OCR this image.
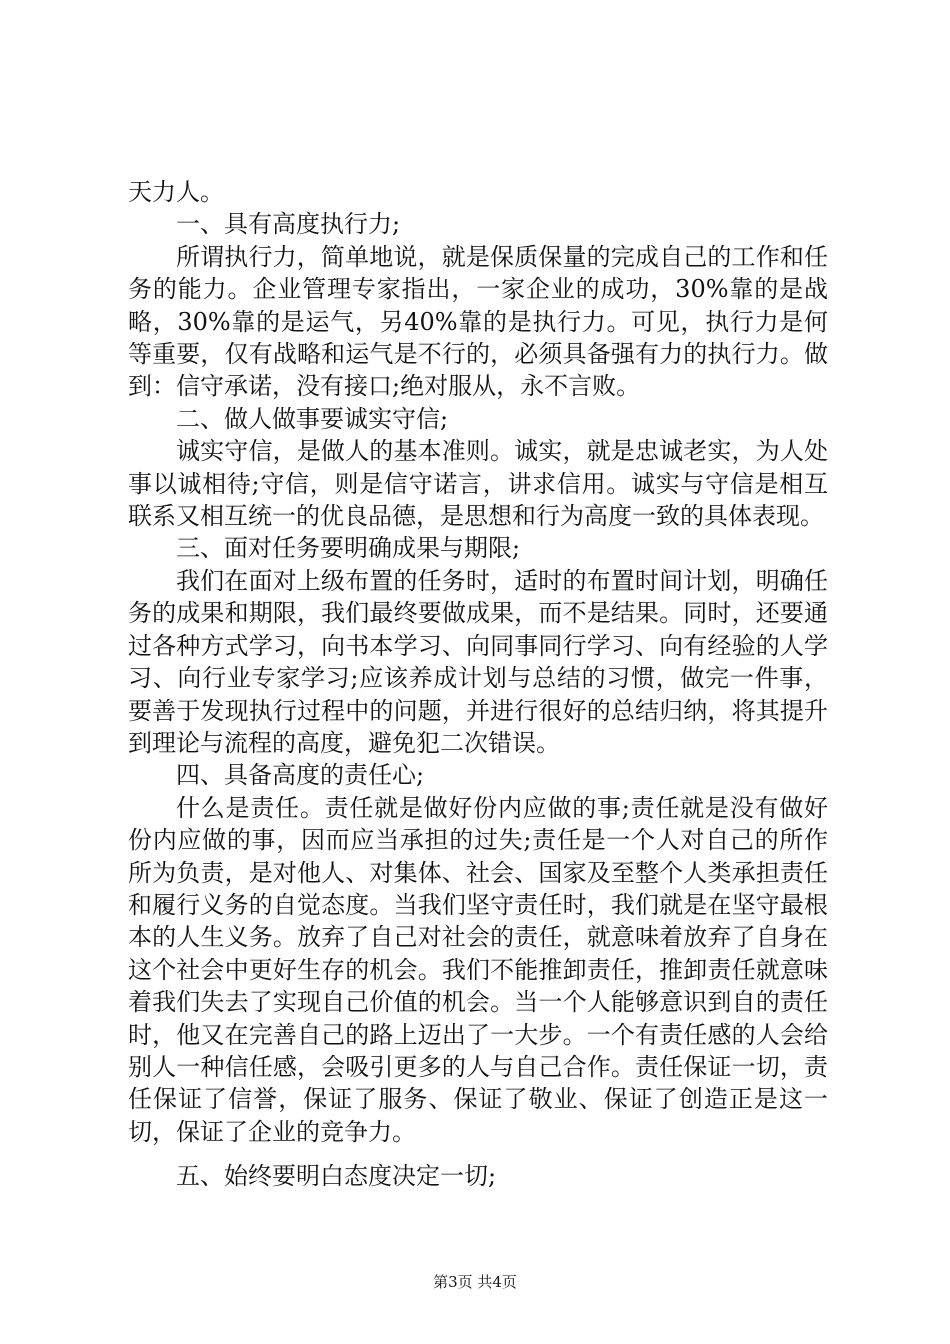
天力人。

一、具有高度执行力;

所谓执行力，简单地说，就是保质保量的完成自己的工作和任务的能力。企业管理专家指出，一家企业的成功，30%靠的是战略，30%靠的是运气，另40%靠的是执行力。可见，执行力是何等重要，仅有战略和运气是不行的，必须具备强有力的执行力。做到：信守承诺，没有接口;绝对服从，永不言败。

二、做人做事要诚实守信;

诚实守信，是做人的基本准则。诚实，就是忠诚老实，为人处事以诚相待;守信，则是信守诺言，讲求信用。诚实与守信是相互联系又相互统一的优良品德，是思想和行为高度一致的具体表现。

三、面对任务要明确成果与期限;

我们在面对上级布置的任务时，适时的布置时间计划，明确任务的成果和期限，我们最终要做成果，而不是结果。同时，还要通过各种方式学习，向书本学习、向同事同行学习、向有经验的人学习、向行业专家学习;应该养成计划与总结的习惯，做完一件事，要善于发现执行过程中的问题，并进行很好的总结归纳，将其提升到理论与流程的高度，避免犯二次错误。

四、具备高度的责任心;

什么是责任。责任就是做好份内应做的事;责任就是没有做好份内应做的事，因而应当承担的过失;责任是一个人对自己的所作所为负责，是对他人、对集体、社会、国家及至整个人类承担责任和履行义务的自觉态度。当我们坚守责任时，我们就是在坚守最根本的人生义务。放弃了自己对社会的责任，就意味着放弃了自身在这个社会中更好生存的机会。我们不能推卸责任，推卸责任就意味着我们失去了实现自己价值的机会。当一个人能够意识到自的责任时，他又在完善自己的路上迈出了一大步。一个有责任感的人会给别人一种信任感，会吸引更多的人与自己合作。责任保证一切，责任保证了信誉，保证了服务、保证了敬业、保证了创造正是这一切，保证了企业的竞争力。

五、始终要明白态度决定一切;

第3页 共4页
